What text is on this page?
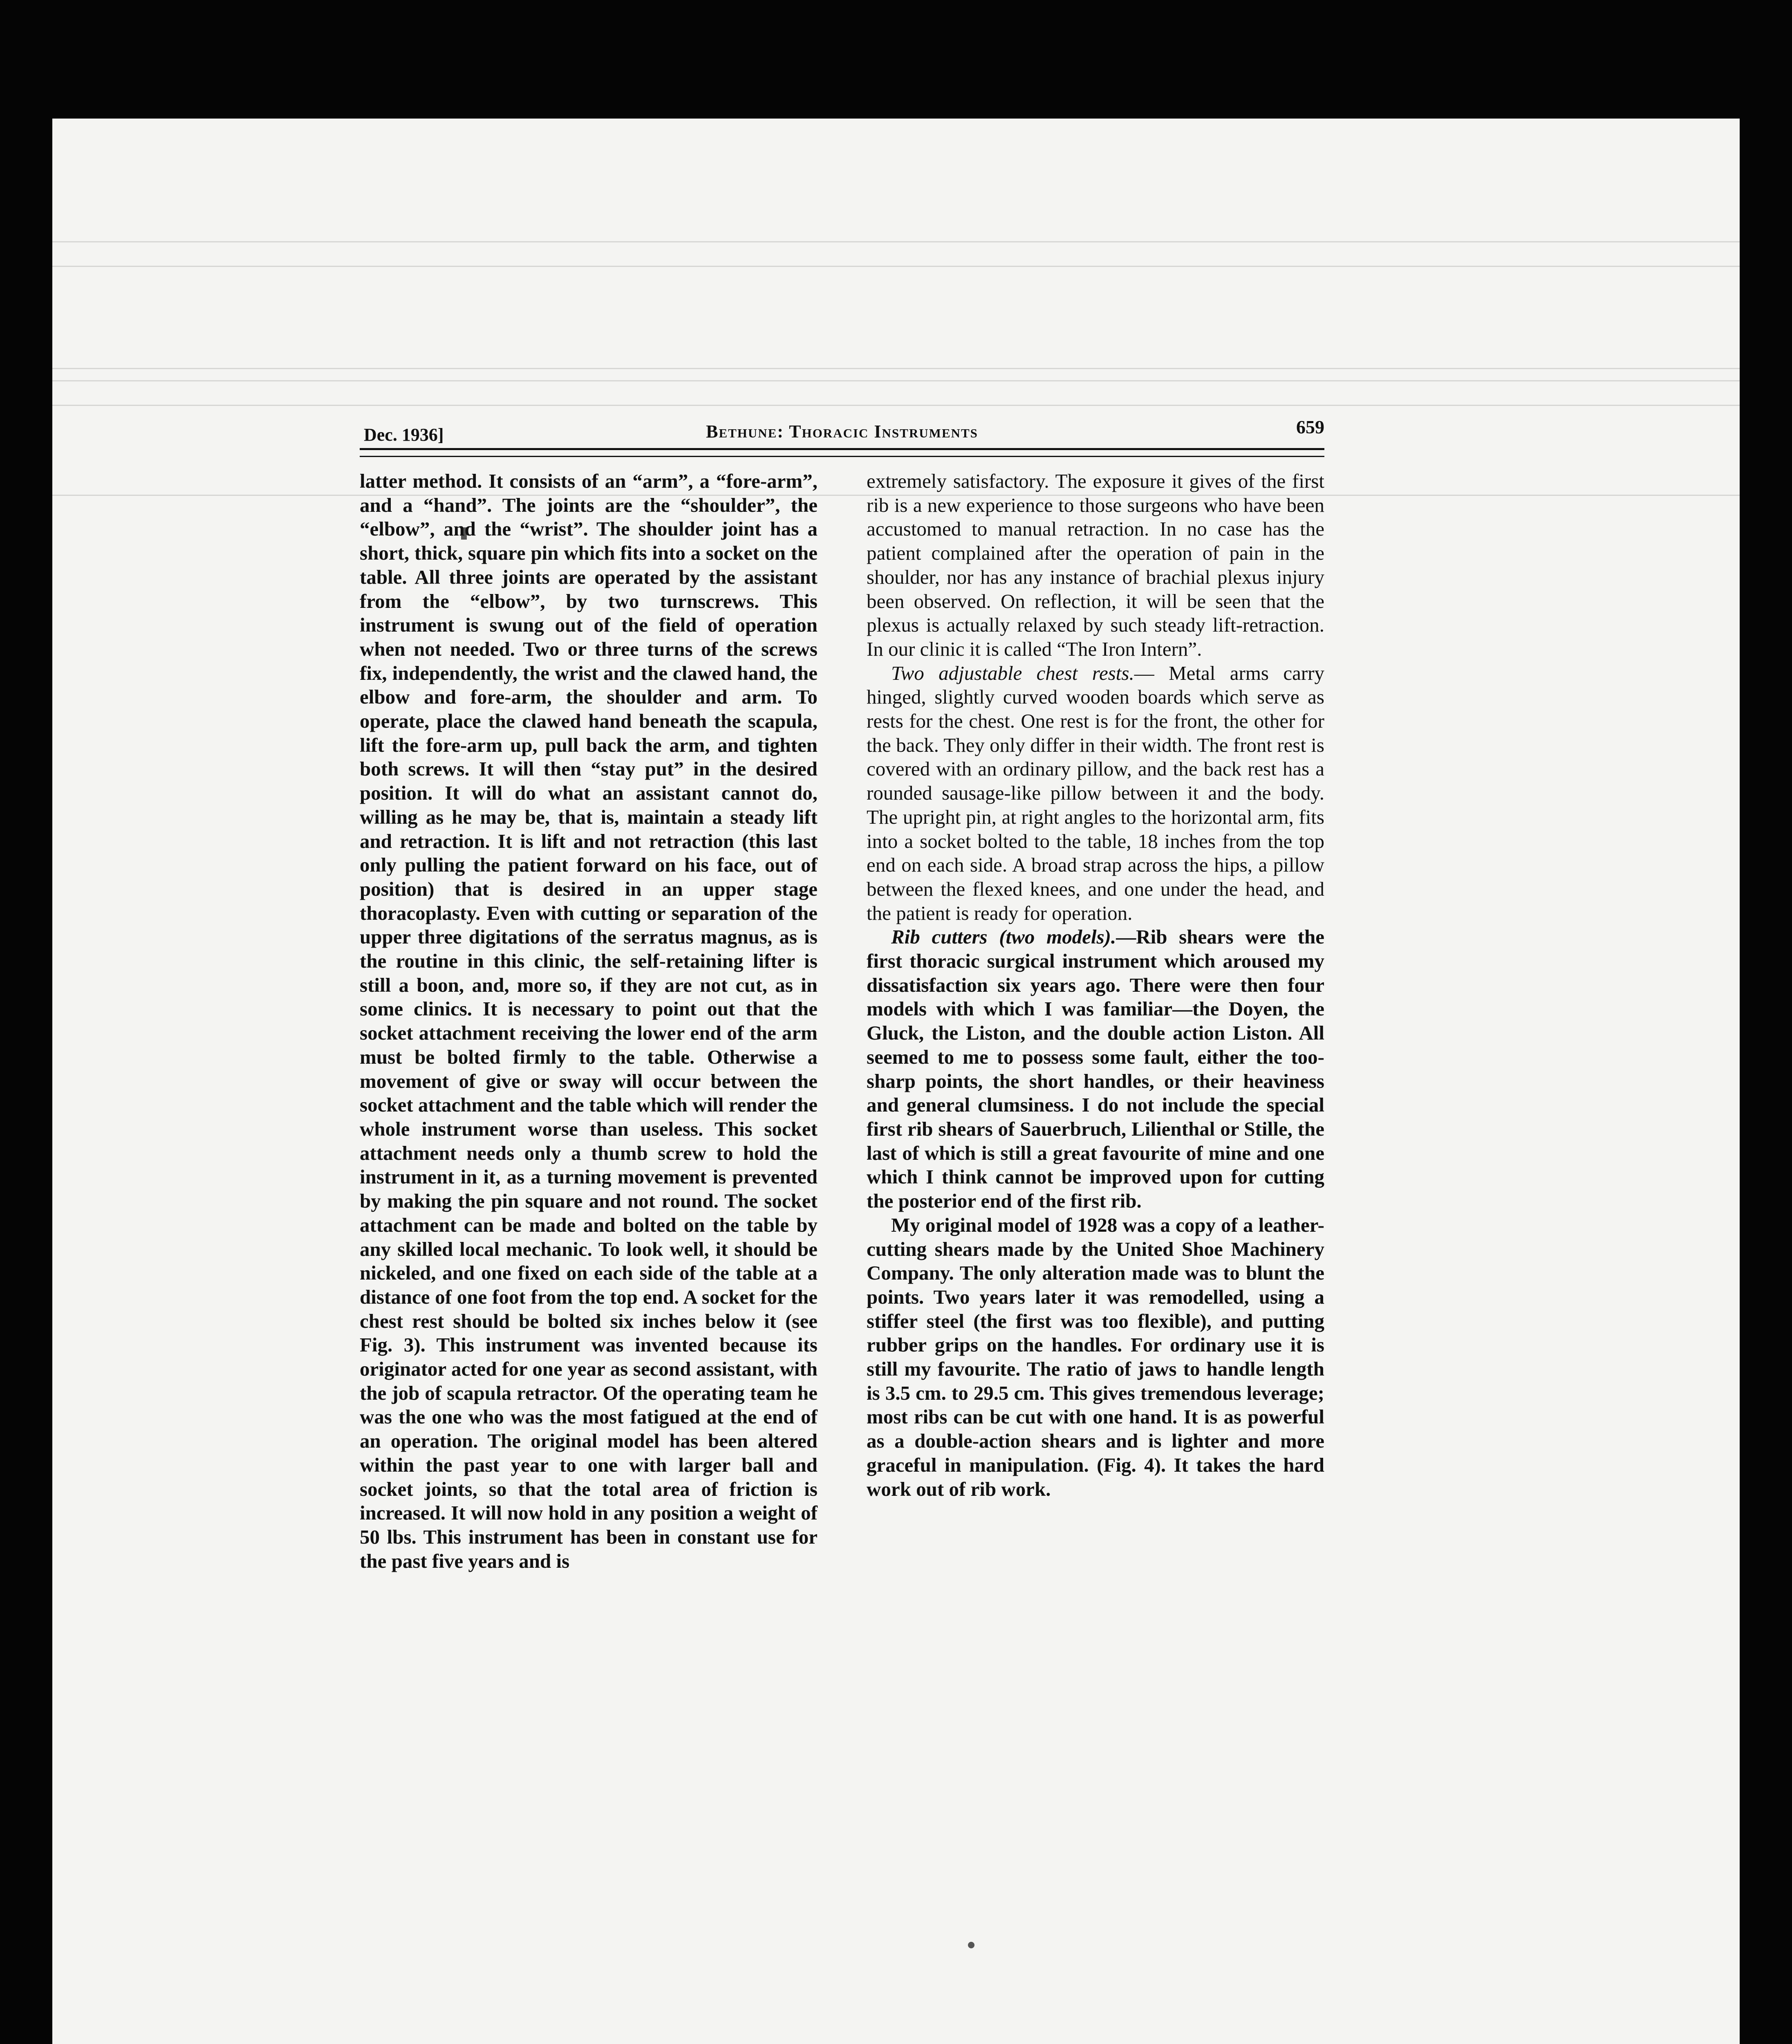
Dec. 1936]	Bethune: Thoracic Instruments	659

latter method. It consists of an “arm”, a “fore-arm”, and a “hand”. The joints are the “shoulder”, the “elbow”, and the “wrist”. The shoulder joint has a short, thick, square pin which fits into a socket on the table. All three joints are operated by the assistant from the “elbow”, by two turnscrews. This instrument is swung out of the field of operation when not needed. Two or three turns of the screws fix, independently, the wrist and the clawed hand, the elbow and fore-arm, the shoulder and arm. To operate, place the clawed hand beneath the scapula, lift the fore-arm up, pull back the arm, and tighten both screws. It will then “stay put” in the desired position. It will do what an assistant cannot do, willing as he may be, that is, maintain a steady lift and retraction. It is lift and not retraction (this last only pulling the patient forward on his face, out of position) that is desired in an upper stage thoracoplasty. Even with cutting or separation of the upper three digitations of the serratus magnus, as is the routine in this clinic, the self-retaining lifter is still a boon, and, more so, if they are not cut, as in some clinics. It is necessary to point out that the socket attachment receiving the lower end of the arm must be bolted firmly to the table. Otherwise a movement of give or sway will occur between the socket attachment and the table which will render the whole instrument worse than useless. This socket attachment needs only a thumb screw to hold the instrument in it, as a turning movement is prevented by making the pin square and not round. The socket attachment can be made and bolted on the table by any skilled local mechanic. To look well, it should be nickeled, and one fixed on each side of the table at a distance of one foot from the top end. A socket for the chest rest should be bolted six inches below it (see Fig. 3). This instrument was invented because its originator acted for one year as second assistant, with the job of scapula retractor. Of the operating team he was the one who was the most fatigued at the end of an operation. The original model has been altered within the past year to one with larger ball and socket joints, so that the total area of friction is increased. It will now hold in any position a weight of 50 lbs. This instrument has been in constant use for the past five years and is

extremely satisfactory. The exposure it gives of the first rib is a new experience to those surgeons who have been accustomed to manual retraction. In no case has the patient complained after the operation of pain in the shoulder, nor has any instance of brachial plexus injury been observed. On reflection, it will be seen that the plexus is actually relaxed by such steady lift-retraction. In our clinic it is called “The Iron Intern”.

Two adjustable chest rests.— Metal arms carry hinged, slightly curved wooden boards which serve as rests for the chest. One rest is for the front, the other for the back. They only differ in their width. The front rest is covered with an ordinary pillow, and the back rest has a rounded sausage-like pillow between it and the body. The upright pin, at right angles to the horizontal arm, fits into a socket bolted to the table, 18 inches from the top end on each side. A broad strap across the hips, a pillow between the flexed knees, and one under the head, and the patient is ready for operation.

Rib cutters (two models).—Rib shears were the first thoracic surgical instrument which aroused my dissatisfaction six years ago. There were then four models with which I was familiar—the Doyen, the Gluck, the Liston, and the double action Liston. All seemed to me to possess some fault, either the too-sharp points, the short handles, or their heaviness and general clumsiness. I do not include the special first rib shears of Sauerbruch, Lilienthal or Stille, the last of which is still a great favourite of mine and one which I think cannot be improved upon for cutting the posterior end of the first rib.

My original model of 1928 was a copy of a leather-cutting shears made by the United Shoe Machinery Company. The only alteration made was to blunt the points. Two years later it was remodelled, using a stiffer steel (the first was too flexible), and putting rubber grips on the handles. For ordinary use it is still my favourite. The ratio of jaws to handle length is 3.5 cm. to 29.5 cm. This gives tremendous leverage; most ribs can be cut with one hand. It is as powerful as a double-action shears and is lighter and more graceful in manipulation. (Fig. 4). It takes the hard work out of rib work.
